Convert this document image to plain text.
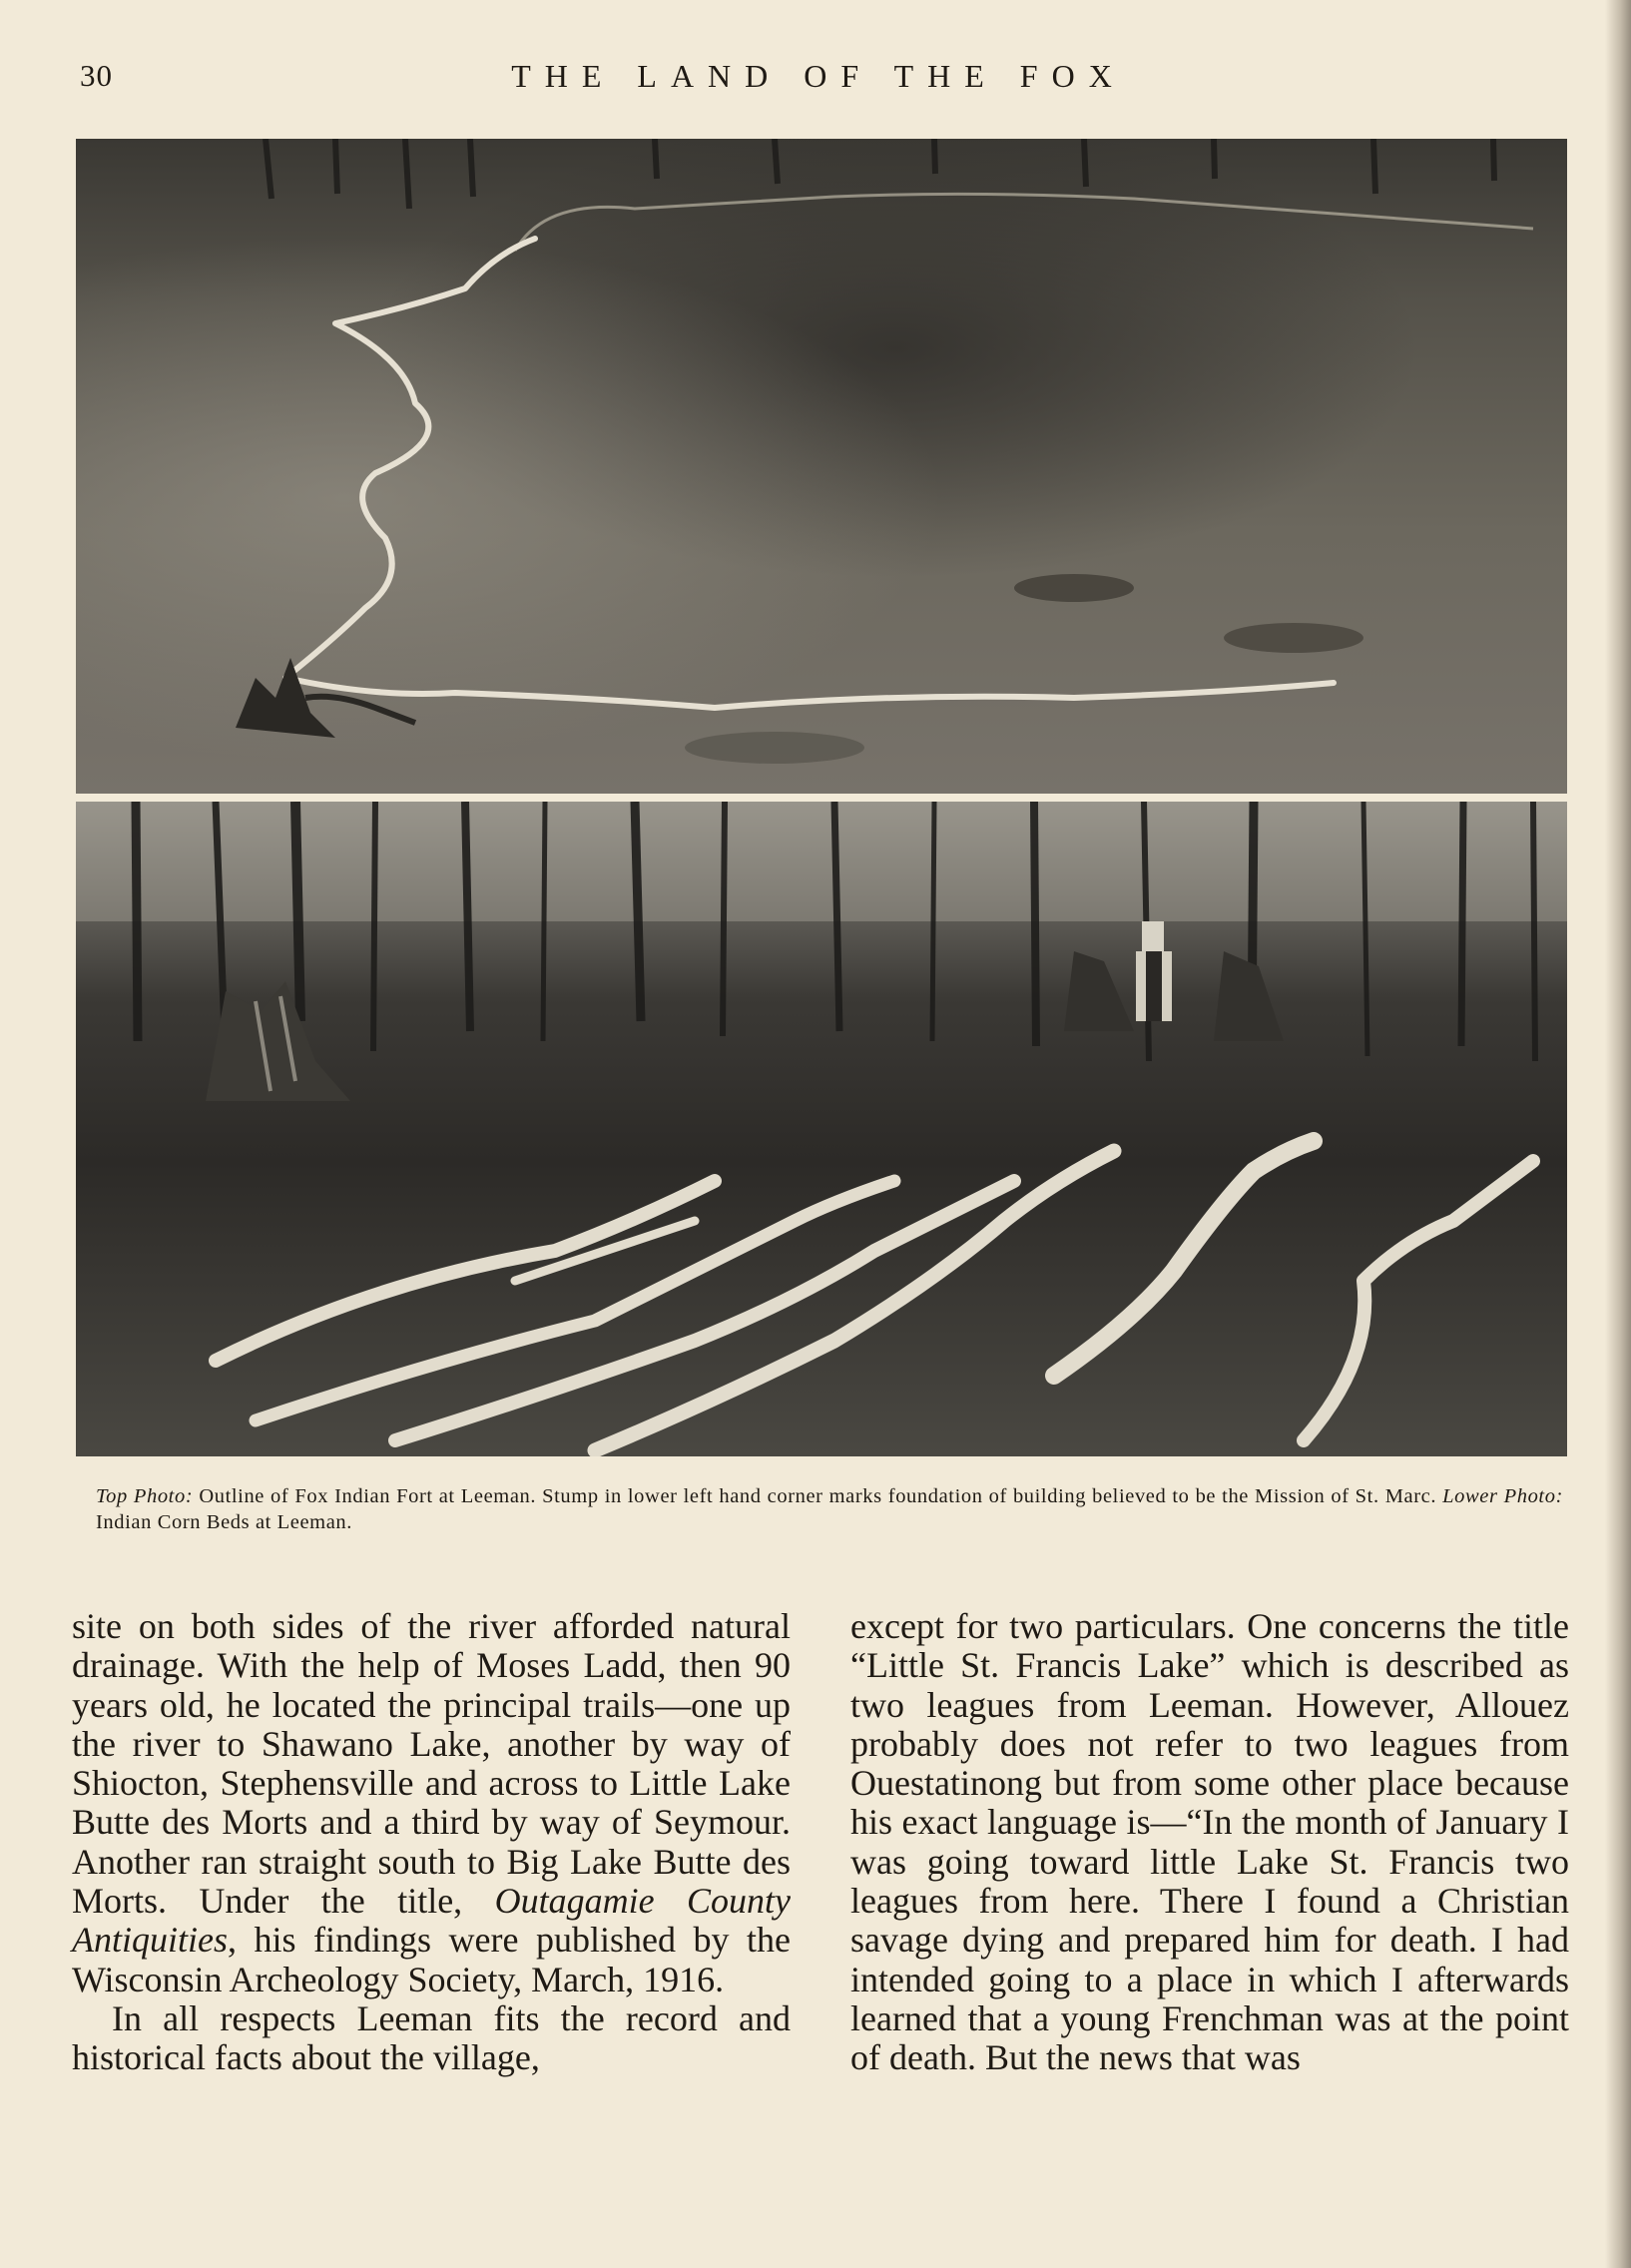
30	THE LAND OF THE FOX
Top Photo: Outline of Fox Indian Fort at Leeman. Stump in lower left hand corner marks foundation of building believed to be the Mission of St. Marc. Lower Photo: Indian Corn Beds at Leeman.

site on both sides of the river afforded natural drainage. With the help of Moses Ladd, then 90 years old, he located the principal trails—one up the river to Shawano Lake, another by way of Shiocton, Stephensville and across to Little Lake Butte des Morts and a third by way of Seymour. Another ran straight south to Big Lake Butte des Morts. Under the title, Outagamie County Antiquities, his findings were published by the Wisconsin Archeology Society, March, 1916.

In all respects Leeman fits the record and historical facts about the village,

except for two particulars. One concerns the title “Little St. Francis Lake” which is described as two leagues from Leeman. However, Allouez probably does not refer to two leagues from Ouestatinong but from some other place because his exact language is—“In the month of January I was going toward little Lake St. Francis two leagues from here. There I found a Christian savage dying and prepared him for death. I had intended going to a place in which I afterwards learned that a young Frenchman was at the point of death. But the news that was
